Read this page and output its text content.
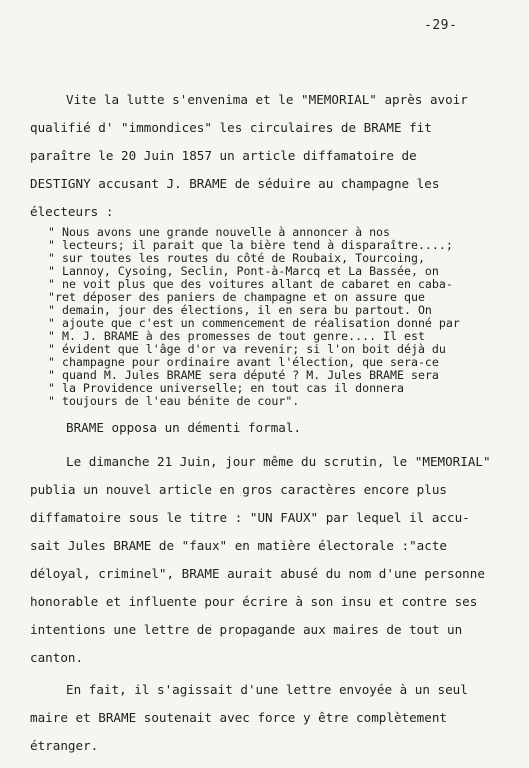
-29-
Vite la lutte s'envenima et le "MEMORIAL" après avoir
qualifié d' "immondices" les circulaires de BRAME fit
paraître le 20 Juin 1857 un article diffamatoire de
DESTIGNY accusant J. BRAME de séduire au champagne les
électeurs :
" Nous avons une grande nouvelle à annoncer à nos
" lecteurs; il parait que la bière tend à disparaître....;
" sur toutes les routes du côté de Roubaix, Tourcoing,
" Lannoy, Cysoing, Seclin, Pont-à-Marcq et La Bassée, on
" ne voit plus que des voitures allant de cabaret en caba-
"ret déposer des paniers de champagne et on assure que
" demain, jour des élections, il en sera bu partout. On
" ajoute que c'est un commencement de réalisation donné par
" M. J. BRAME à des promesses de tout genre.... Il est
" évident que l'âge d'or va revenir; si l'on boit déjà du
" champagne pour ordinaire avant l'élection, que sera-ce
" quand M. Jules BRAME sera député ? M. Jules BRAME sera
" la Providence universelle; en tout cas il donnera
" toujours de l'eau bénite de cour".
BRAME opposa un démenti formal.
Le dimanche 21 Juin, jour même du scrutin, le "MEMORIAL"
publia un nouvel article en gros caractères encore plus
diffamatoire sous le titre : "UN FAUX" par lequel il accu-
sait Jules BRAME de "faux" en matière électorale :"acte
déloyal, criminel", BRAME aurait abusé du nom d'une personne
honorable et influente pour écrire à son insu et contre ses
intentions une lettre de propagande aux maires de tout un
canton.
En fait, il s'agissait d'une lettre envoyée à un seul
maire et BRAME soutenait avec force y être complètement
étranger.
